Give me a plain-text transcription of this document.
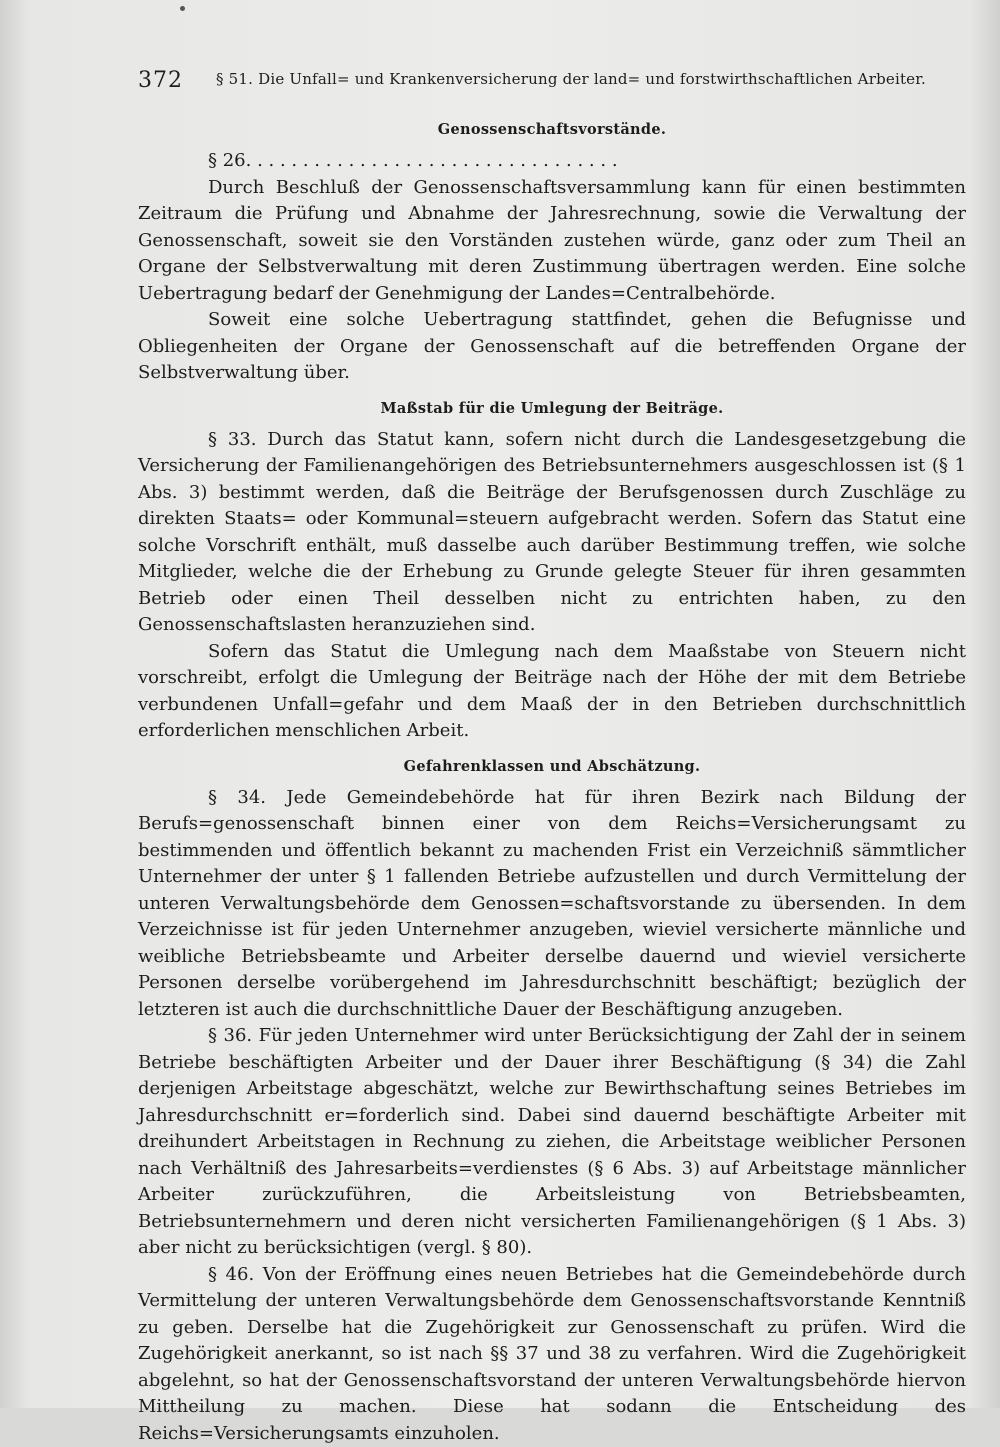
372 § 51. Die Unfall= und Krankenversicherung der land= und forstwirthschaftlichen Arbeiter.
Genossenschaftsvorstände.

§ 26. . . . . . . . . . . . . . . . . . . . . . . . . . . . . . . . .

Durch Beschluß der Genossenschaftsversammlung kann für einen bestimmten Zeitraum die Prüfung und Abnahme der Jahresrechnung, sowie die Verwaltung der Genossenschaft, soweit sie den Vorständen zustehen würde, ganz oder zum Theil an Organe der Selbstverwaltung mit deren Zustimmung übertragen werden. Eine solche Uebertragung bedarf der Genehmigung der Landes=Centralbehörde.

Soweit eine solche Uebertragung stattfindet, gehen die Befugnisse und Obliegenheiten der Organe der Genossenschaft auf die betreffenden Organe der Selbstverwaltung über.

Maßstab für die Umlegung der Beiträge.

§ 33. Durch das Statut kann, sofern nicht durch die Landesgesetzgebung die Versicherung der Familienangehörigen des Betriebsunternehmers ausgeschlossen ist (§ 1 Abs. 3) bestimmt werden, daß die Beiträge der Berufsgenossen durch Zuschläge zu direkten Staats= oder Kommunal=steuern aufgebracht werden. Sofern das Statut eine solche Vorschrift enthält, muß dasselbe auch darüber Bestimmung treffen, wie solche Mitglieder, welche die der Erhebung zu Grunde gelegte Steuer für ihren gesammten Betrieb oder einen Theil desselben nicht zu entrichten haben, zu den Genossenschaftslasten heranzuziehen sind.

Sofern das Statut die Umlegung nach dem Maaßstabe von Steuern nicht vorschreibt, erfolgt die Umlegung der Beiträge nach der Höhe der mit dem Betriebe verbundenen Unfall=gefahr und dem Maaß der in den Betrieben durchschnittlich erforderlichen menschlichen Arbeit.

Gefahrenklassen und Abschätzung.

§ 34. Jede Gemeindebehörde hat für ihren Bezirk nach Bildung der Berufs=genossenschaft binnen einer von dem Reichs=Versicherungsamt zu bestimmenden und öffentlich bekannt zu machenden Frist ein Verzeichniß sämmtlicher Unternehmer der unter § 1 fallenden Betriebe aufzustellen und durch Vermittelung der unteren Verwaltungsbehörde dem Genossen=schaftsvorstande zu übersenden. In dem Verzeichnisse ist für jeden Unternehmer anzugeben, wieviel versicherte männliche und weibliche Betriebsbeamte und Arbeiter derselbe dauernd und wieviel versicherte Personen derselbe vorübergehend im Jahresdurchschnitt beschäftigt; bezüglich der letzteren ist auch die durchschnittliche Dauer der Beschäftigung anzugeben.

§ 36. Für jeden Unternehmer wird unter Berücksichtigung der Zahl der in seinem Betriebe beschäftigten Arbeiter und der Dauer ihrer Beschäftigung (§ 34) die Zahl derjenigen Arbeitstage abgeschätzt, welche zur Bewirthschaftung seines Betriebes im Jahresdurchschnitt er=forderlich sind. Dabei sind dauernd beschäftigte Arbeiter mit dreihundert Arbeitstagen in Rechnung zu ziehen, die Arbeitstage weiblicher Personen nach Verhältniß des Jahresarbeits=verdienstes (§ 6 Abs. 3) auf Arbeitstage männlicher Arbeiter zurückzuführen, die Arbeitsleistung von Betriebsbeamten, Betriebsunternehmern und deren nicht versicherten Familienangehörigen (§ 1 Abs. 3) aber nicht zu berücksichtigen (vergl. § 80).

§ 46. Von der Eröffnung eines neuen Betriebes hat die Gemeindebehörde durch Vermittelung der unteren Verwaltungsbehörde dem Genossenschaftsvorstande Kenntniß zu geben. Derselbe hat die Zugehörigkeit zur Genossenschaft zu prüfen. Wird die Zugehörigkeit anerkannt, so ist nach §§ 37 und 38 zu verfahren. Wird die Zugehörigkeit abgelehnt, so hat der Genossenschaftsvorstand der unteren Verwaltungsbehörde hiervon Mittheilung zu machen. Diese hat sodann die Entscheidung des Reichs=Versicherungsamts einzuholen.
